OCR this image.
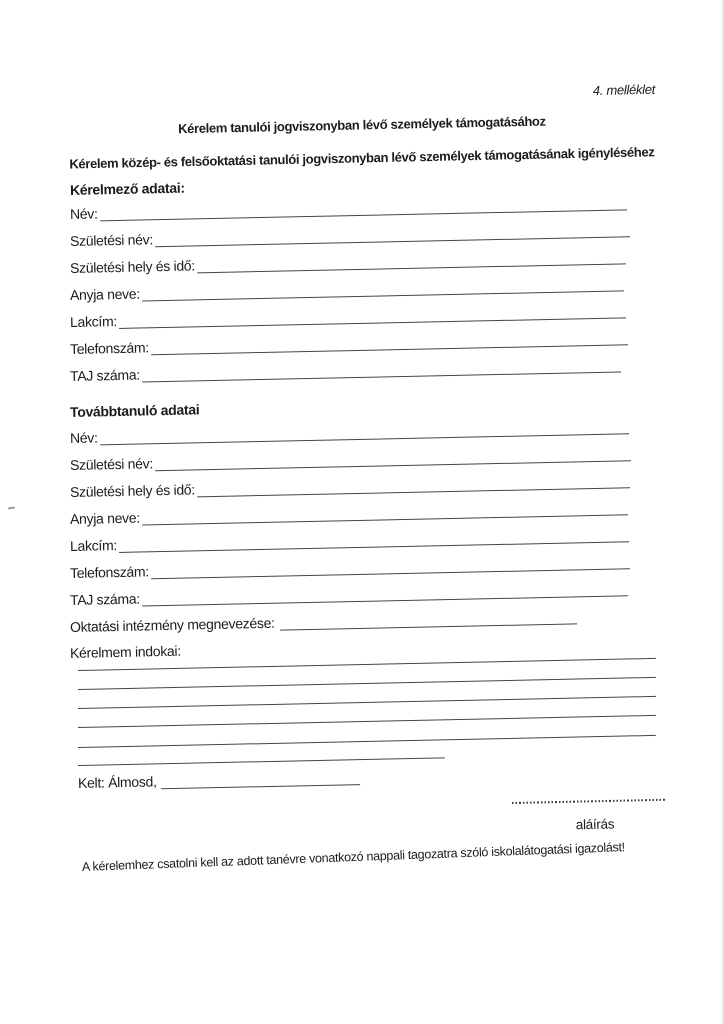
4. melléklet
Kérelem tanulói jogviszonyban lévő személyek támogatásához
Kérelem közép- és felsőoktatási tanulói jogviszonyban lévő személyek támogatásának igényléséhez
Kérelmező adatai:
Név:
Születési név:
Születési hely és idő:
Anyja neve:
Lakcím:
Telefonszám:
TAJ száma:
Továbbtanuló adatai
Név:
Születési név:
Születési hely és idő:
Anyja neve:
Lakcím:
Telefonszám:
TAJ száma:
Oktatási intézmény megnevezése:
Kérelmem indokai:
Kelt: Álmosd,
aláírás
A kérelemhez csatolni kell az adott tanévre vonatkozó nappali tagozatra szóló iskolalátogatási igazolást!
